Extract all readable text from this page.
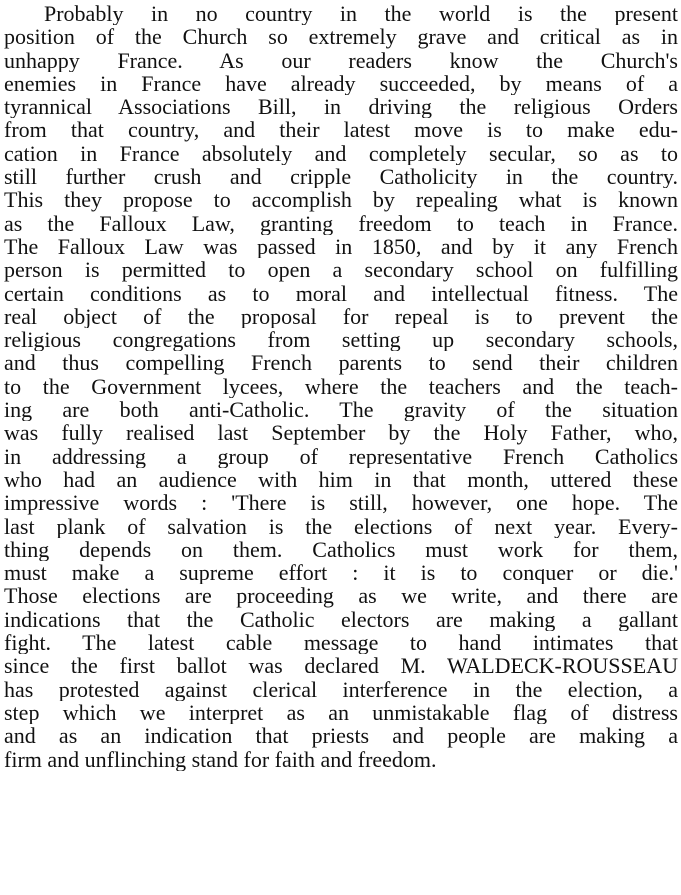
Probably in no country in the world is the present
position of the Church so extremely grave and critical as in
unhappy France. As our readers know the Church's
enemies in France have already succeeded, by means of a
tyrannical Associations Bill, in driving the religious Orders
from that country, and their latest move is to make edu-
cation in France absolutely and completely secular, so as to
still further crush and cripple Catholicity in the country.
This they propose to accomplish by repealing what is known
as the Falloux Law, granting freedom to teach in France.
The Falloux Law was passed in 1850, and by it any French
person is permitted to open a secondary school on fulfilling
certain conditions as to moral and intellectual fitness. The
real object of the proposal for repeal is to prevent the
religious congregations from setting up secondary schools,
and thus compelling French parents to send their children
to the Government lycees, where the teachers and the teach-
ing are both anti-Catholic. The gravity of the situation
was fully realised last September by the Holy Father, who,
in addressing a group of representative French Catholics
who had an audience with him in that month, uttered these
impressive words : 'There is still, however, one hope. The
last plank of salvation is the elections of next year. Every-
thing depends on them. Catholics must work for them,
must make a supreme effort : it is to conquer or die.'
Those elections are proceeding as we write, and there are
indications that the Catholic electors are making a gallant
fight. The latest cable message to hand intimates that
since the first ballot was declared M. WALDECK-ROUSSEAU
has protested against clerical interference in the election, a
step which we interpret as an unmistakable flag of distress
and as an indication that priests and people are making a
firm and unflinching stand for faith and freedom.
